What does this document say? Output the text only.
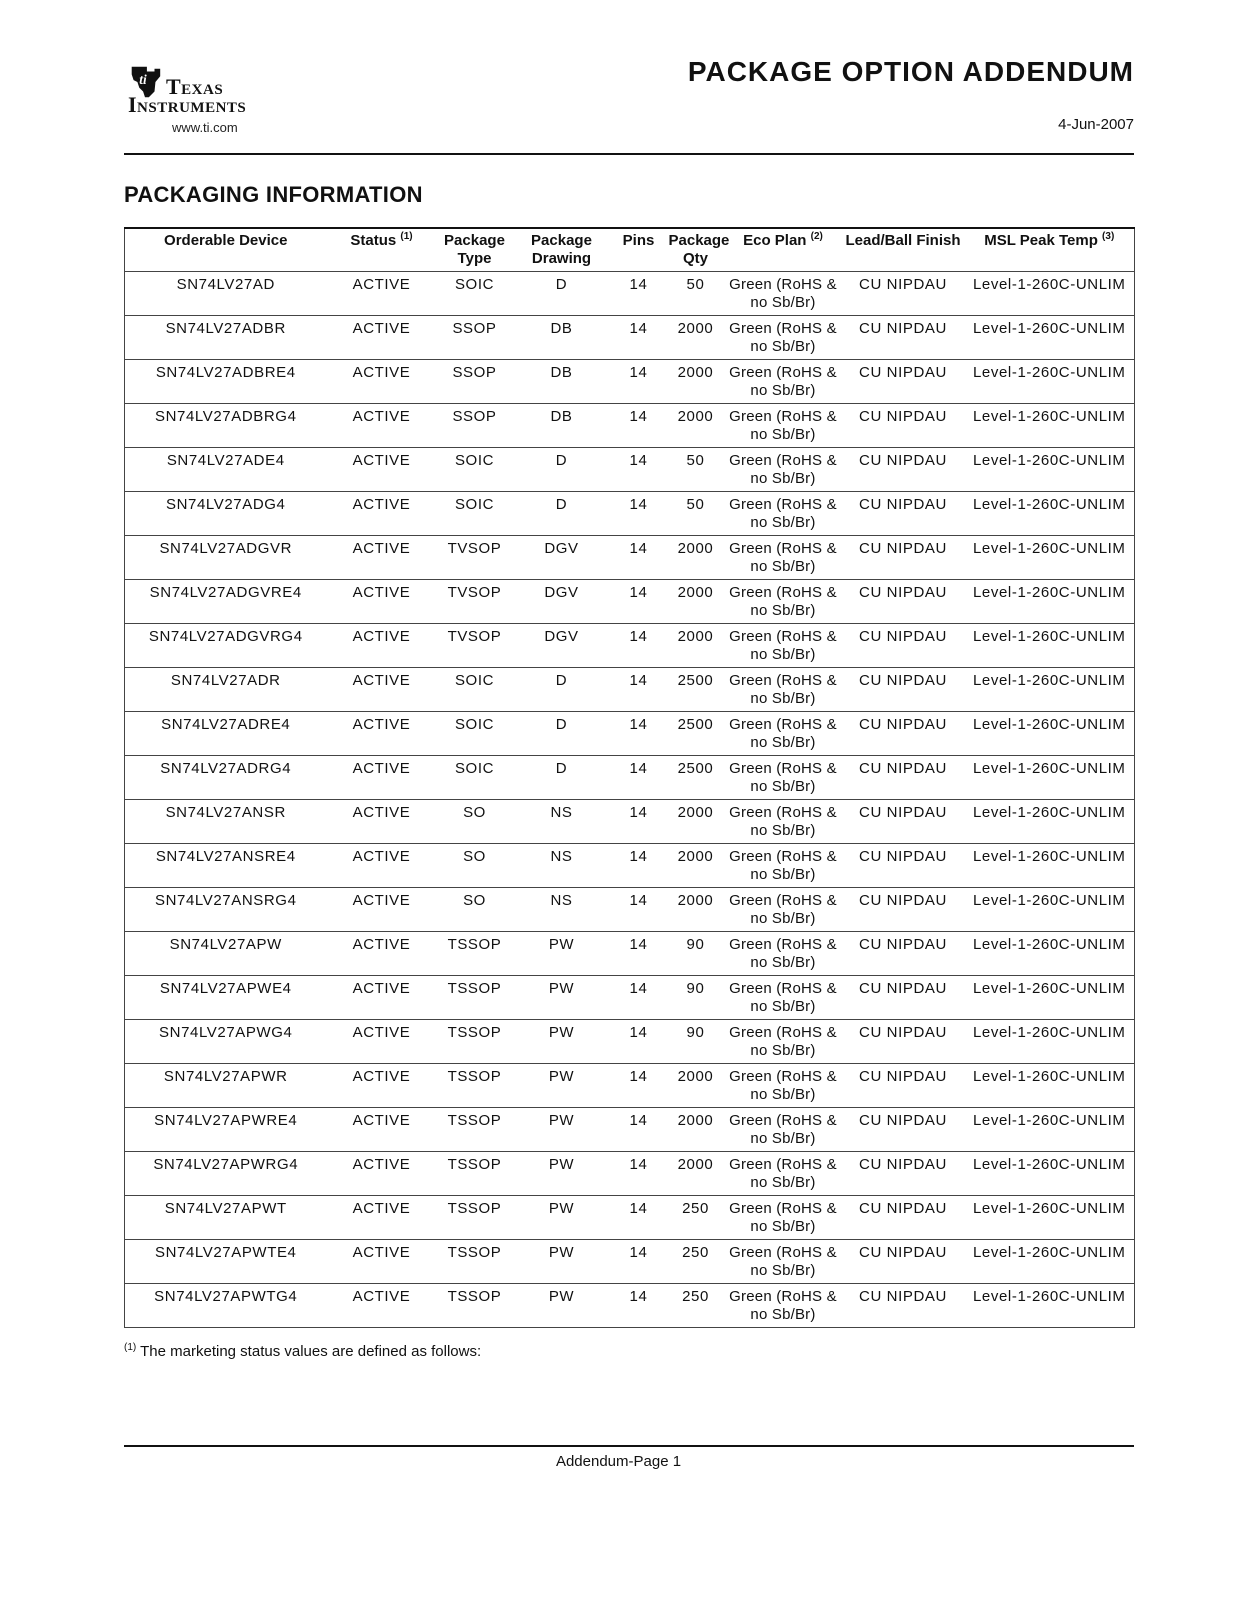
ti Texas
Instruments
www.ti.com
PACKAGE OPTION ADDENDUM
4-Jun-2007
PACKAGING INFORMATION
Orderable Device	Status $^{(1)}$	Package Type	Package Drawing	Pins	Package Qty	Eco Plan $^{(2)}$	Lead/Ball Finish	MSL Peak Temp $^{(3)}$
SN74LV27AD	ACTIVE	SOIC	D	14	50	Green (RoHS & no Sb/Br)	CU NIPDAU	Level-1-260C-UNLIM
SN74LV27ADBR	ACTIVE	SSOP	DB	14	2000	Green (RoHS & no Sb/Br)	CU NIPDAU	Level-1-260C-UNLIM
SN74LV27ADBRE4	ACTIVE	SSOP	DB	14	2000	Green (RoHS & no Sb/Br)	CU NIPDAU	Level-1-260C-UNLIM
SN74LV27ADBRG4	ACTIVE	SSOP	DB	14	2000	Green (RoHS & no Sb/Br)	CU NIPDAU	Level-1-260C-UNLIM
SN74LV27ADE4	ACTIVE	SOIC	D	14	50	Green (RoHS & no Sb/Br)	CU NIPDAU	Level-1-260C-UNLIM
SN74LV27ADG4	ACTIVE	SOIC	D	14	50	Green (RoHS & no Sb/Br)	CU NIPDAU	Level-1-260C-UNLIM
SN74LV27ADGVR	ACTIVE	TVSOP	DGV	14	2000	Green (RoHS & no Sb/Br)	CU NIPDAU	Level-1-260C-UNLIM
SN74LV27ADGVRE4	ACTIVE	TVSOP	DGV	14	2000	Green (RoHS & no Sb/Br)	CU NIPDAU	Level-1-260C-UNLIM
SN74LV27ADGVRG4	ACTIVE	TVSOP	DGV	14	2000	Green (RoHS & no Sb/Br)	CU NIPDAU	Level-1-260C-UNLIM
SN74LV27ADR	ACTIVE	SOIC	D	14	2500	Green (RoHS & no Sb/Br)	CU NIPDAU	Level-1-260C-UNLIM
SN74LV27ADRE4	ACTIVE	SOIC	D	14	2500	Green (RoHS & no Sb/Br)	CU NIPDAU	Level-1-260C-UNLIM
SN74LV27ADRG4	ACTIVE	SOIC	D	14	2500	Green (RoHS & no Sb/Br)	CU NIPDAU	Level-1-260C-UNLIM
SN74LV27ANSR	ACTIVE	SO	NS	14	2000	Green (RoHS & no Sb/Br)	CU NIPDAU	Level-1-260C-UNLIM
SN74LV27ANSRE4	ACTIVE	SO	NS	14	2000	Green (RoHS & no Sb/Br)	CU NIPDAU	Level-1-260C-UNLIM
SN74LV27ANSRG4	ACTIVE	SO	NS	14	2000	Green (RoHS & no Sb/Br)	CU NIPDAU	Level-1-260C-UNLIM
SN74LV27APW	ACTIVE	TSSOP	PW	14	90	Green (RoHS & no Sb/Br)	CU NIPDAU	Level-1-260C-UNLIM
SN74LV27APWE4	ACTIVE	TSSOP	PW	14	90	Green (RoHS & no Sb/Br)	CU NIPDAU	Level-1-260C-UNLIM
SN74LV27APWG4	ACTIVE	TSSOP	PW	14	90	Green (RoHS & no Sb/Br)	CU NIPDAU	Level-1-260C-UNLIM
SN74LV27APWR	ACTIVE	TSSOP	PW	14	2000	Green (RoHS & no Sb/Br)	CU NIPDAU	Level-1-260C-UNLIM
SN74LV27APWRE4	ACTIVE	TSSOP	PW	14	2000	Green (RoHS & no Sb/Br)	CU NIPDAU	Level-1-260C-UNLIM
SN74LV27APWRG4	ACTIVE	TSSOP	PW	14	2000	Green (RoHS & no Sb/Br)	CU NIPDAU	Level-1-260C-UNLIM
SN74LV27APWT	ACTIVE	TSSOP	PW	14	250	Green (RoHS & no Sb/Br)	CU NIPDAU	Level-1-260C-UNLIM
SN74LV27APWTE4	ACTIVE	TSSOP	PW	14	250	Green (RoHS & no Sb/Br)	CU NIPDAU	Level-1-260C-UNLIM
SN74LV27APWTG4	ACTIVE	TSSOP	PW	14	250	Green (RoHS & no Sb/Br)	CU NIPDAU	Level-1-260C-UNLIM
$^{(1)}$ The marketing status values are defined as follows:
Addendum-Page 1
